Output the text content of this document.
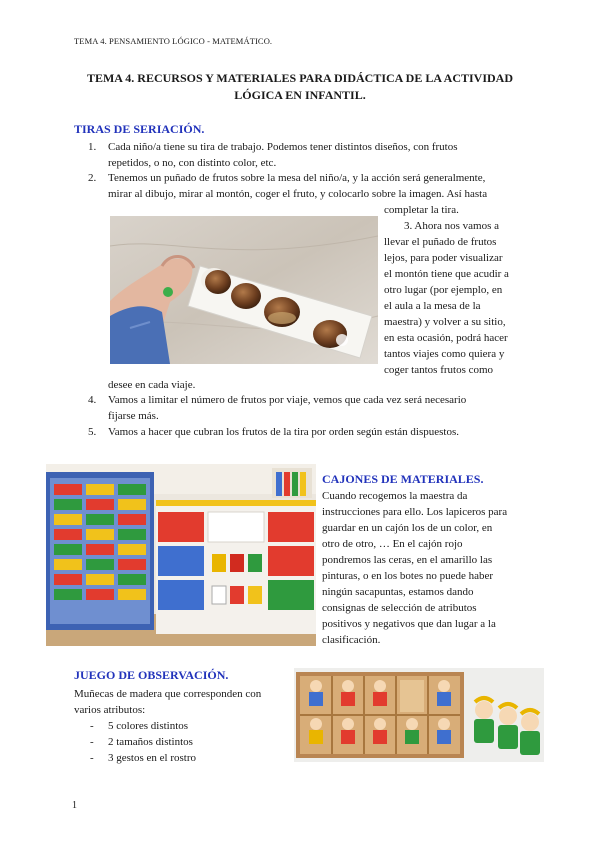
TEMA 4. PENSAMIENTO LÓGICO - MATEMÁTICO.
TEMA 4. RECURSOS Y MATERIALES PARA DIDÁCTICA DE LA ACTIVIDAD
LÓGICA EN INFANTIL.
TIRAS DE SERIACIÓN.
1. Cada niño/a tiene su tira de trabajo. Podemos tener distintos diseños, con frutos
repetidos, o no, con distinto color, etc.
2. Tenemos un puñado de frutos sobre la mesa del niño/a, y la acción será generalmente,
mirar al dibujo, mirar al montón, coger el fruto, y colocarlo sobre la imagen. Así hasta
completar la tira.
3. Ahora nos vamos a
llevar el puñado de frutos
lejos, para poder visualizar
el montón tiene que acudir a
otro lugar (por ejemplo, en
el aula a la mesa de la
maestra) y volver a su sitio,
en esta ocasión, podrá hacer
tantos viajes como quiera y
coger tantos frutos como
desee en cada viaje.
4. Vamos a limitar el número de frutos por viaje, vemos que cada vez será necesario
fijarse más.
5. Vamos a hacer que cubran los frutos de la tira por orden según están dispuestos.
CAJONES DE MATERIALES.
Cuando recogemos la maestra da
instrucciones para ello. Los lapiceros para
guardar en un cajón los de un color, en
otro de otro, … En el cajón rojo
pondremos las ceras, en el amarillo las
pinturas, o en los botes no puede haber
ningún sacapuntas, estamos dando
consignas de selección de atributos
positivos y negativos que dan lugar a la
clasificación.
JUEGO DE OBSERVACIÓN.
Muñecas de madera que corresponden con
varios atributos:
- 5 colores distintos
- 2 tamaños distintos
- 3 gestos en el rostro
1
